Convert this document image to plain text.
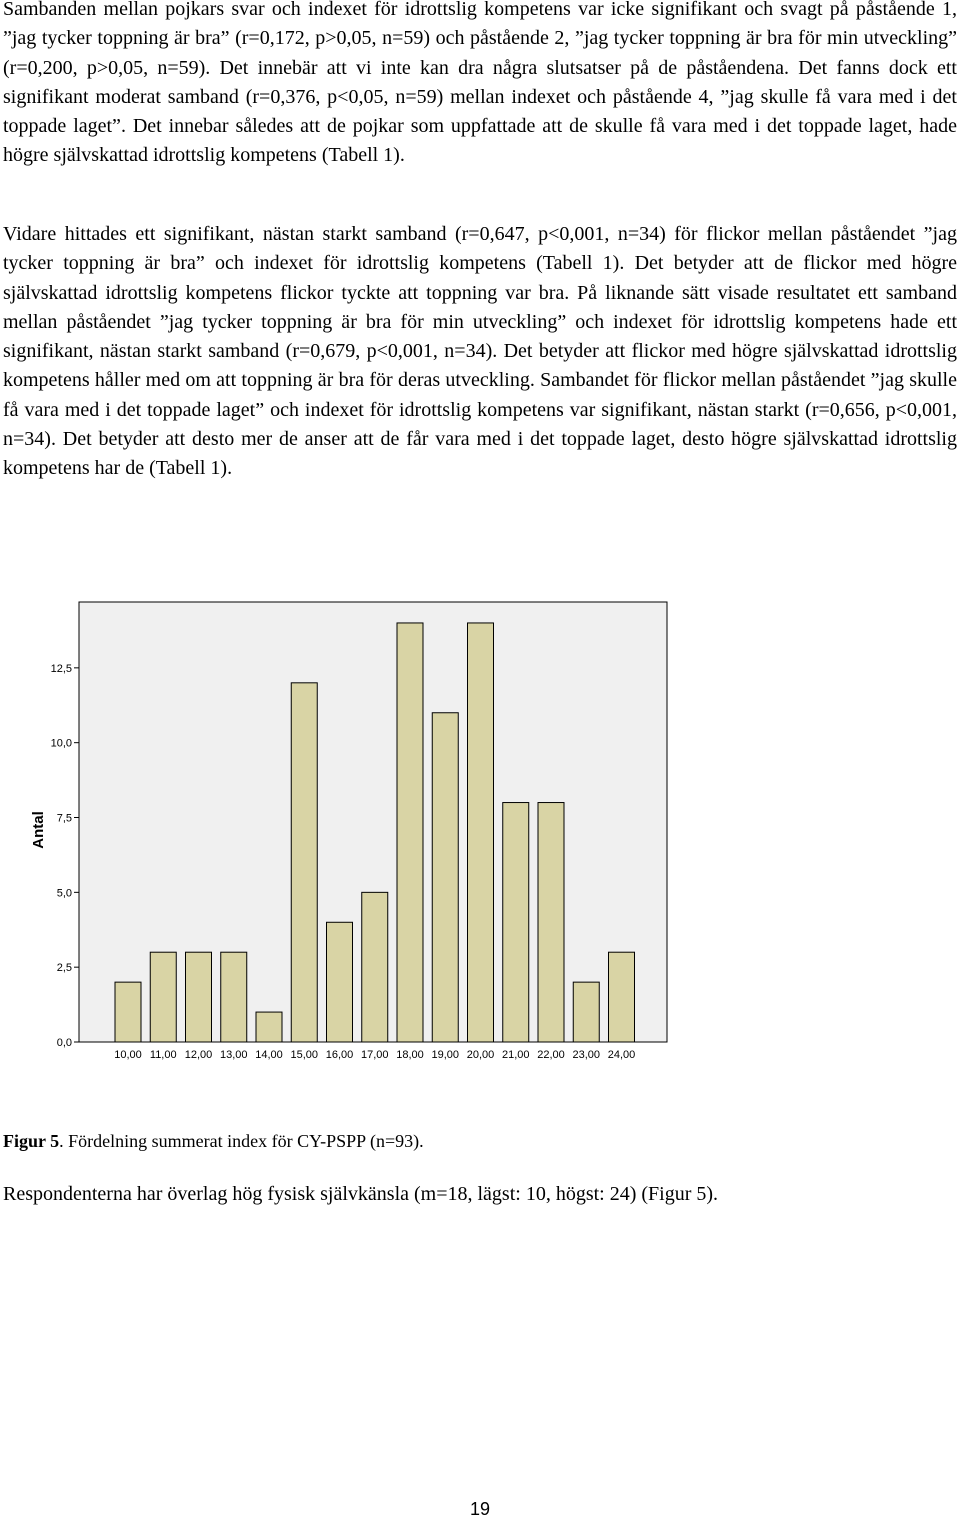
Sambanden mellan pojkars svar och indexet för idrottslig kompetens var icke signifikant och svagt på påstående 1, ”jag tycker toppning är bra” (r=0,172, p>0,05, n=59) och påstående 2, ”jag tycker toppning är bra för min utveckling” (r=0,200, p>0,05, n=59). Det innebär att vi inte kan dra några slutsatser på de påståendena. Det fanns dock ett signifikant moderat samband (r=0,376, p<0,05, n=59) mellan indexet och påstående 4, ”jag skulle få vara med i det toppade laget”. Det innebar således att de pojkar som uppfattade att de skulle få vara med i det toppade laget, hade högre självskattad idrottslig kompetens (Tabell 1).

Vidare hittades ett signifikant, nästan starkt samband (r=0,647, p<0,001, n=34) för flickor mellan påståendet ”jag tycker toppning är bra” och indexet för idrottslig kompetens (Tabell 1). Det betyder att de flickor med högre självskattad idrottslig kompetens flickor tyckte att toppning var bra. På liknande sätt visade resultatet ett samband mellan påståendet ”jag tycker toppning är bra för min utveckling” och indexet för idrottslig kompetens hade ett signifikant, nästan starkt samband (r=0,679, p<0,001, n=34). Det betyder att flickor med högre självskattad idrottslig kompetens håller med om att toppning är bra för deras utveckling. Sambandet för flickor mellan påståendet ”jag skulle få vara med i det toppade laget” och indexet för idrottslig kompetens var signifikant, nästan starkt (r=0,656, p<0,001, n=34). Det betyder att desto mer de anser att de får vara med i det toppade laget, desto högre självskattad idrottslig kompetens har de (Tabell 1).

0,0
2,5
5,0
7,5
10,0
12,5
Antal
10,00 11,00 12,00 13,00 14,00 15,00 16,00 17,00 18,00 19,00 20,00 21,00 22,00 23,00 24,00

Figur 5. Fördelning summerat index för CY-PSPP (n=93).

Respondenterna har överlag hög fysisk självkänsla (m=18, lägst: 10, högst: 24) (Figur 5).

19
